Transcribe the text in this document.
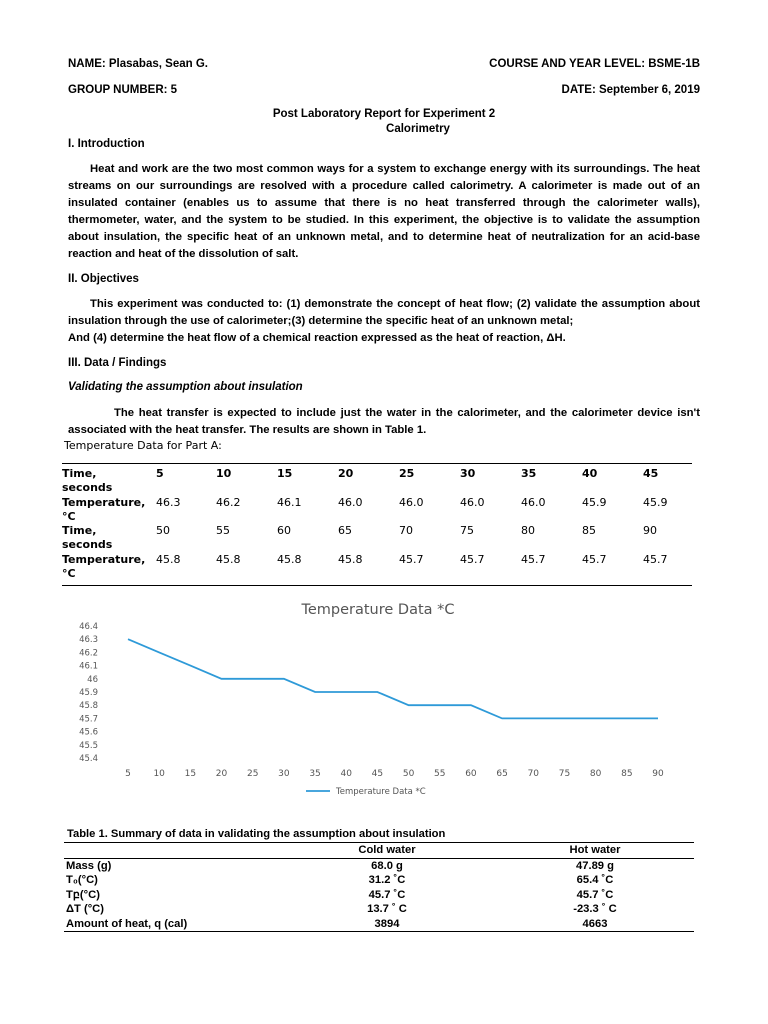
NAME: Plasabas, Sean G.	COURSE AND YEAR LEVEL: BSME-1B
GROUP NUMBER: 5	DATE: September 6, 2019
Post Laboratory Report for Experiment 2
Calorimetry
I. Introduction
Heat and work are the two most common ways for a system to exchange energy with its surroundings. The heat streams on our surroundings are resolved with a procedure called calorimetry. A calorimeter is made out of an insulated container (enables us to assume that there is no heat transferred through the calorimeter walls), thermometer, water, and the system to be studied. In this experiment, the objective is to validate the assumption about insulation, the specific heat of an unknown metal, and to determine heat of neutralization for an acid-base reaction and heat of the dissolution of salt.
II. Objectives
This experiment was conducted to: (1) demonstrate the concept of heat flow; (2) validate the assumption about insulation through the use of calorimeter;(3) determine the specific heat of an unknown metal;
And (4) determine the heat flow of a chemical reaction expressed as the heat of reaction, ΔH.
III. Data / Findings
Validating the assumption about insulation
The heat transfer is expected to include just the water in the calorimeter, and the calorimeter device isn't associated with the heat transfer. The results are shown in Table 1.
Temperature Data for Part A:
Time,
seconds	5	10	15	20	25	30	35	40	45
Temperature,
°C	46.3	46.2	46.1	46.0	46.0	46.0	46.0	45.9	45.9
Time,
seconds	50	55	60	65	70	75	80	85	90
Temperature,
°C	45.8	45.8	45.8	45.8	45.7	45.7	45.7	45.7	45.7
Temperature Data *C
46.4
46.3
46.2
46.1
46
45.9
45.8
45.7
45.6
45.5
45.4
5	10 15 20 25 30 35 40 45 50 55 60 65 70 75 80 85 90
Temperature Data *C
Table 1. Summary of data in validating the assumption about insulation
	Cold water	Hot water
Mass (g)	68.0 g	47.89 g
T₀(°C)	31.2 ˚C	65.4 ˚C
Tբ(°C)	45.7 ˚C	45.7 ˚C
ΔT (°C)	13.7 ˚ C	-23.3 ˚ C
Amount of heat, q (cal)	3894	4663
